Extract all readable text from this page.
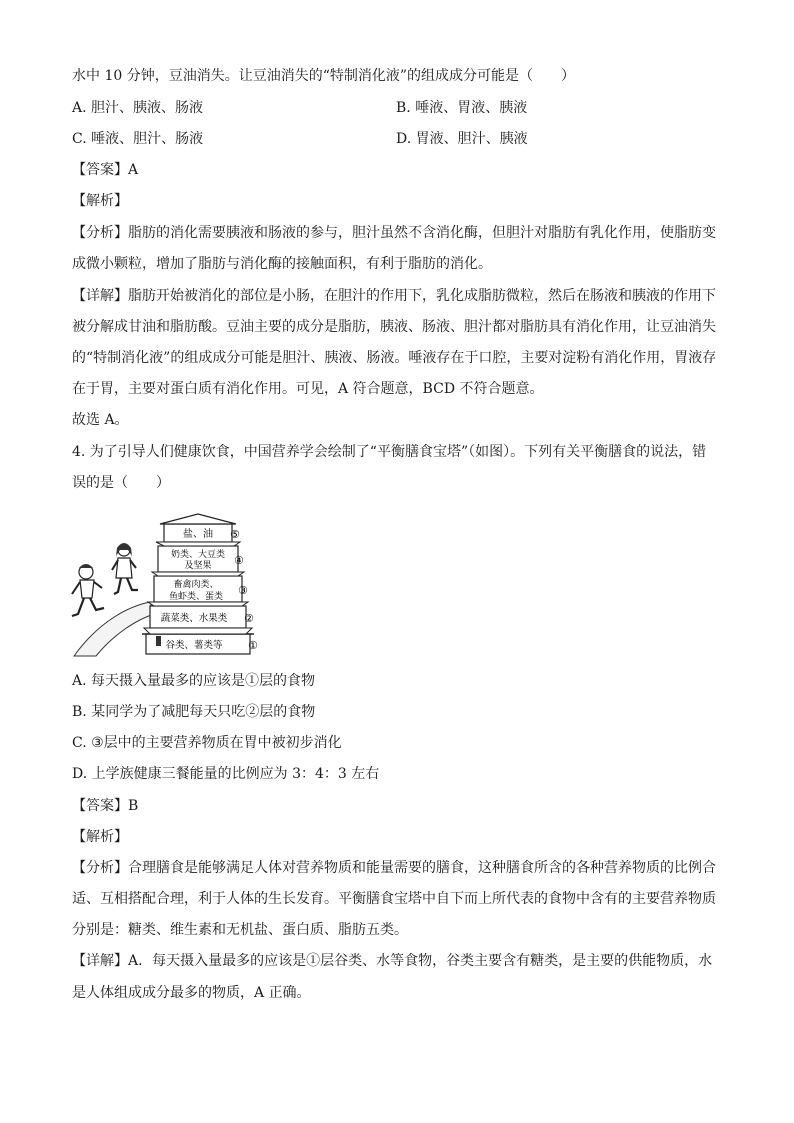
水中 10 分钟，豆油消失。让豆油消失的“特制消化液”的组成成分可能是（　　）
A. 胆汁、胰液、肠液	B. 唾液、胃液、胰液
C. 唾液、胆汁、肠液	D. 胃液、胆汁、胰液
【答案】A
【解析】
【分析】脂肪的消化需要胰液和肠液的参与，胆汁虽然不含消化酶，但胆汁对脂肪有乳化作用，使脂肪变
成微小颗粒，增加了脂肪与消化酶的接触面积，有利于脂肪的消化。
【详解】脂肪开始被消化的部位是小肠，在胆汁的作用下，乳化成脂肪微粒，然后在肠液和胰液的作用下
被分解成甘油和脂肪酸。豆油主要的成分是脂肪，胰液、肠液、胆汁都对脂肪具有消化作用，让豆油消失
的“特制消化液”的组成成分可能是胆汁、胰液、肠液。唾液存在于口腔，主要对淀粉有消化作用，胃液存
在于胃，主要对蛋白质有消化作用。可见，A 符合题意，BCD 不符合题意。
故选 A。
4. 为了引导人们健康饮食，中国营养学会绘制了“平衡膳食宝塔”（如图）。下列有关平衡膳食的说法，错
误的是（　　）
盐、油
奶类、大豆类
及坚果
畜禽肉类、
鱼虾类、蛋类
蔬菜类、水果类
谷类、薯类等
⑤
④
③
②
①
A. 每天摄入量最多的应该是①层的食物
B. 某同学为了减肥每天只吃②层的食物
C. ③层中的主要营养物质在胃中被初步消化
D. 上学族健康三餐能量的比例应为 3：4：3 左右
【答案】B
【解析】
【分析】合理膳食是能够满足人体对营养物质和能量需要的膳食，这种膳食所含的各种营养物质的比例合
适、互相搭配合理，利于人体的生长发育。平衡膳食宝塔中自下而上所代表的食物中含有的主要营养物质
分别是：糖类、维生素和无机盐、蛋白质、脂肪五类。
【详解】A．每天摄入量最多的应该是①层谷类、水等食物，谷类主要含有糖类，是主要的供能物质，水
是人体组成成分最多的物质，A 正确。
